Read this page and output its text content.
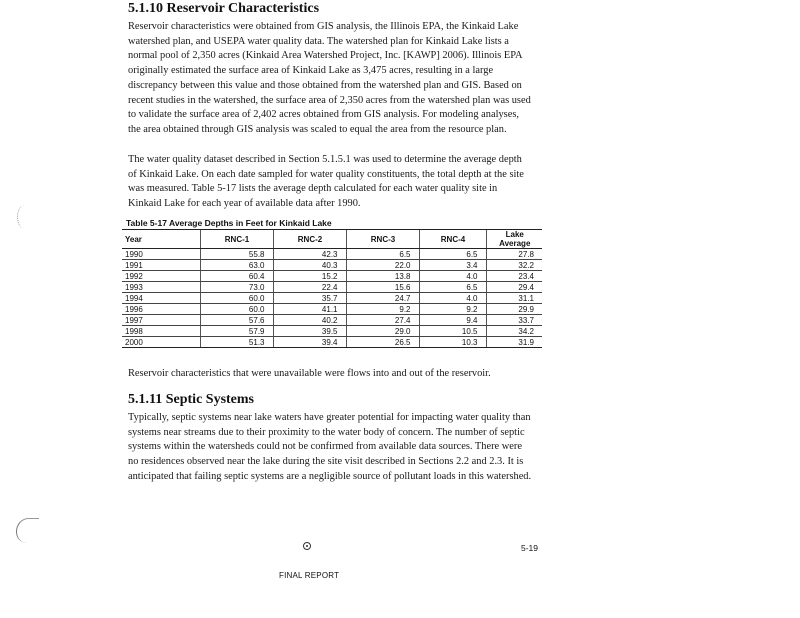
5.1.10 Reservoir Characteristics

Reservoir characteristics were obtained from GIS analysis, the Illinois EPA, the Kinkaid Lake watershed plan, and USEPA water quality data. The watershed plan for Kinkaid Lake lists a normal pool of 2,350 acres (Kinkaid Area Watershed Project, Inc. [KAWP] 2006). Illinois EPA originally estimated the surface area of Kinkaid Lake as 3,475 acres, resulting in a large discrepancy between this value and those obtained from the watershed plan and GIS. Based on recent studies in the watershed, the surface area of 2,350 acres from the watershed plan was used to validate the surface area of 2,402 acres obtained from GIS analysis. For modeling analyses, the area obtained through GIS analysis was scaled to equal the area from the resource plan.

The water quality dataset described in Section 5.1.5.1 was used to determine the average depth of Kinkaid Lake. On each date sampled for water quality constituents, the total depth at the site was measured. Table 5-17 lists the average depth calculated for each water quality site in Kinkaid Lake for each year of available data after 1990.

Table 5-17 Average Depths in Feet for Kinkaid Lake
Year	RNC-1	RNC-2	RNC-3	RNC-4	Lake Average
1990	55.8	42.3	6.5	6.5	27.8
1991	63.0	40.3	22.0	3.4	32.2
1992	60.4	15.2	13.8	4.0	23.4
1993	73.0	22.4	15.6	6.5	29.4
1994	60.0	35.7	24.7	4.0	31.1
1996	60.0	41.1	9.2	9.2	29.9
1997	57.6	40.2	27.4	9.4	33.7
1998	57.9	39.5	29.0	10.5	34.2
2000	51.3	39.4	26.5	10.3	31.9

Reservoir characteristics that were unavailable were flows into and out of the reservoir.

5.1.11 Septic Systems

Typically, septic systems near lake waters have greater potential for impacting water quality than systems near streams due to their proximity to the water body of concern. The number of septic systems within the watersheds could not be confirmed from available data sources. There were no residences observed near the lake during the site visit described in Sections 2.2 and 2.3. It is anticipated that failing septic systems are a negligible source of pollutant loads in this watershed.

5-19
FINAL REPORT
